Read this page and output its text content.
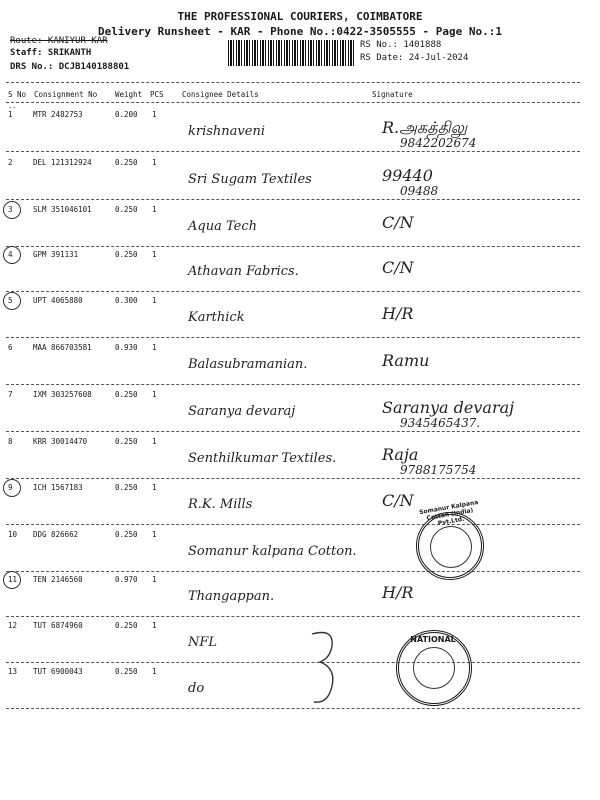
THE PROFESSIONAL COURIERS, COIMBATORE
Delivery Runsheet - KAR - Phone No.:0422-3505555 - Page No.:1
Route: KANIYUR KAR
Staff: SRIKANTH
DRS No.: DCJB140188801
RS No.: 1401888
RS Date: 24-Jul-2024
S No Consignment No Weight PCS Consignee Details	Signature
--
1	MTR 2482753	0.200 1
krishnaveni	R.அகத்திலு
9842202674
2	DEL 121312924	0.250 1
Sri Sugam Textiles	99440
09488
3	SLM 351046101	0.250 1
Aqua Tech	C/N
4	GPM 391131	0.250 1
Athavan Fabrics.	C/N
5	UPT 4065880	0.300 1
Karthick	H/R
6	MAA 866703581	0.930 1
Balasubramanian.	Ramu
7	IXM 303257608	0.250 1
Saranya devaraj	Saranya devaraj
9345465437.
8	KRR 30014470	0.250 1
Senthilkumar Textiles.	Raja
9788175754
9	ICH 1567183	0.250 1
R.K. Mills	C/N
10 DDG 826662	0.250 1
Somanur kalpana Cotton.
11 TEN 2146560	0.970 1
Thangappan.	H/R
12 TUT 6874960	0.250 1
NFL
13 TUT 6900043	0.250 1
do
Somanur Kalpana Cotton (India) Pvt.Ltd.
NATIONAL
